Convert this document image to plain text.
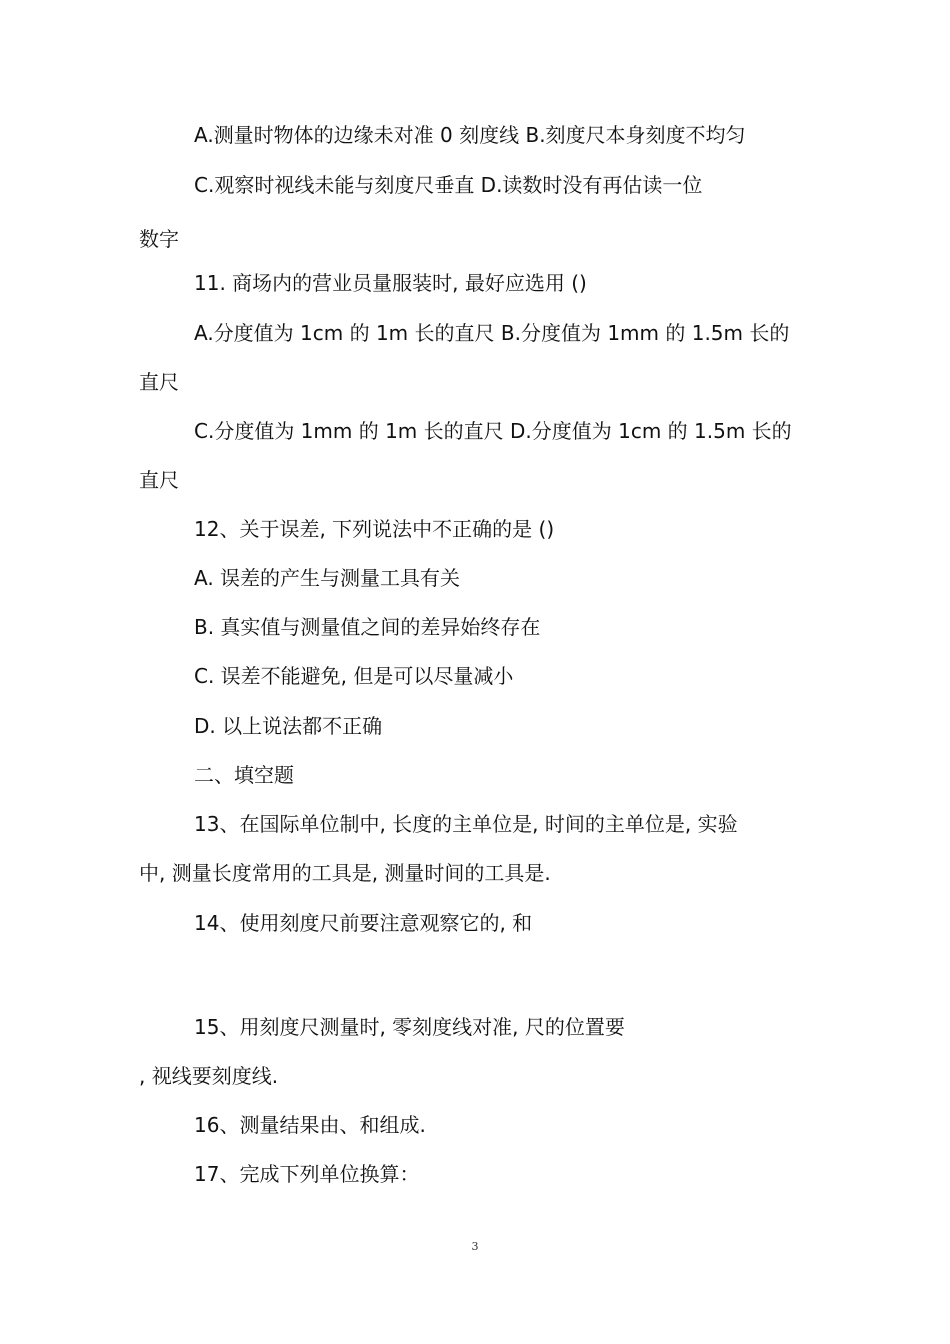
A.测量时物体的边缘未对准 0 刻度线 B.刻度尺本身刻度不均匀
C.观察时视线未能与刻度尺垂直 D.读数时没有再估读一位
数字
11. 商场内的营业员量服装时, 最好应选用 ()
A.分度值为 1cm 的 1m 长的直尺 B.分度值为 1mm 的 1.5m 长的
直尺
C.分度值为 1mm 的 1m 长的直尺 D.分度值为 1cm 的 1.5m 长的
直尺
12、关于误差, 下列说法中不正确的是 ()
A. 误差的产生与测量工具有关
B. 真实值与测量值之间的差异始终存在
C. 误差不能避免, 但是可以尽量减小
D. 以上说法都不正确
二、填空题
13、在国际单位制中, 长度的主单位是, 时间的主单位是, 实验
中, 测量长度常用的工具是, 测量时间的工具是.
14、使用刻度尺前要注意观察它的, 和
15、用刻度尺测量时, 零刻度线对准, 尺的位置要
, 视线要刻度线.
16、测量结果由、和组成.
17、完成下列单位换算：
3
